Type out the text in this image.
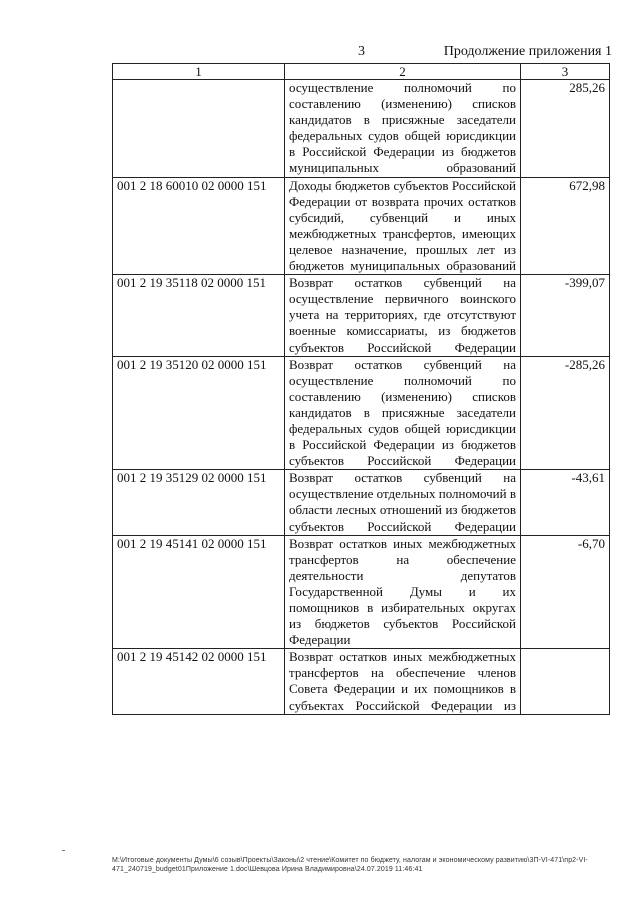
3	Продолжение приложения 1
1	2	3
	осуществление полномочий по составлению (изменению) списков кандидатов в присяжные заседатели федеральных судов общей юрисдикции в Российской Федерации из бюджетов муниципальных образований	285,26
001 2 18 60010 02 0000 151	Доходы бюджетов субъектов Российской Федерации от возврата прочих остатков субсидий, субвенций и иных межбюджетных трансфертов, имеющих целевое назначение, прошлых лет из бюджетов муниципальных образований	672,98
001 2 19 35118 02 0000 151	Возврат остатков субвенций на осуществление первичного воинского учета на территориях, где отсутствуют военные комиссариаты, из бюджетов субъектов Российской Федерации	-399,07
001 2 19 35120 02 0000 151	Возврат остатков субвенций на осуществление полномочий по составлению (изменению) списков кандидатов в присяжные заседатели федеральных судов общей юрисдикции в Российской Федерации из бюджетов субъектов Российской Федерации	-285,26
001 2 19 35129 02 0000 151	Возврат остатков субвенций на осуществление отдельных полномочий в области лесных отношений из бюджетов субъектов Российской Федерации	-43,61
001 2 19 45141 02 0000 151	Возврат остатков иных межбюджетных трансфертов на обеспечение деятельности депутатов Государственной Думы и их помощников в избирательных округах из бюджетов субъектов Российской Федерации	-6,70
001 2 19 45142 02 0000 151	Возврат остатков иных межбюджетных трансфертов на обеспечение членов Совета Федерации и их помощников в субъектах Российской Федерации из	
M:\Итоговые документы Думы\6 созыв\Проекты\Законы\2 чтение\Комитет по бюджету, налогам и экономическому развитию\3П-VI-471\пр2-VI-471_240719_budget01Приложение 1.doc\Шевцова Ирина Владимировна\24.07.2019 11:46:41
